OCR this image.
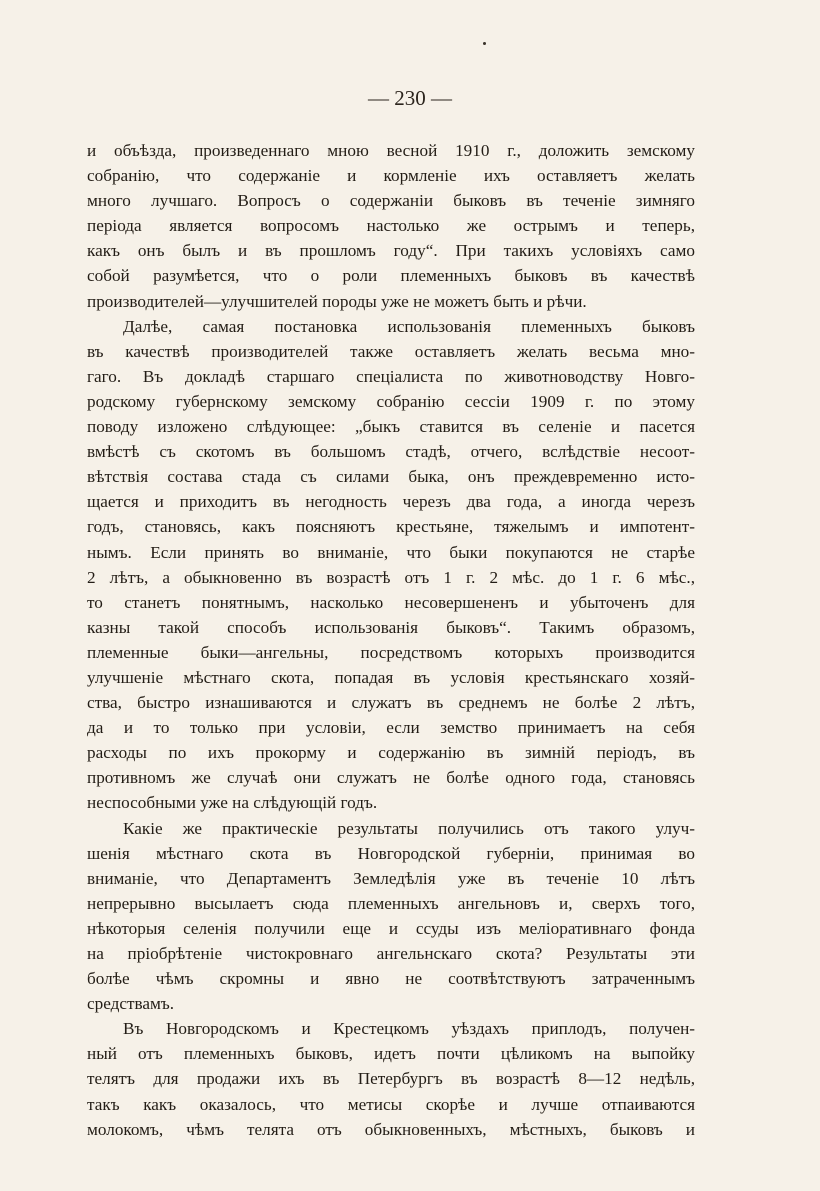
— 230 —

и объѣзда, произведеннаго мною весной 1910 г., доложить земскому
собранію, что содержаніе и кормленіе ихъ оставляетъ желать
много лучшаго. Вопросъ о содержаніи быковъ въ теченіе зимняго
періода является вопросомъ настолько же острымъ и теперь,
какъ онъ былъ и въ прошломъ году“. При такихъ условіяхъ само
собой разумѣется, что о роли племенныхъ быковъ въ качествѣ
производителей—улучшителей породы уже не можетъ быть и рѣчи.

Далѣе, самая постановка использованія племенныхъ быковъ
въ качествѣ производителей также оставляетъ желать весьма мно-
гаго. Въ докладѣ старшаго спеціалиста по животноводству Новго-
родскому губернскому земскому собранію сессіи 1909 г. по этому
поводу изложено слѣдующее: „быкъ ставится въ селеніе и пасется
вмѣстѣ съ скотомъ въ большомъ стадѣ, отчего, вслѣдствіе несоот-
вѣтствія состава стада съ силами быка, онъ преждевременно исто-
щается и приходитъ въ негодность черезъ два года, а иногда черезъ
годъ, становясь, какъ поясняютъ крестьяне, тяжелымъ и импотент-
нымъ. Если принять во вниманіе, что быки покупаются не старѣе
2 лѣтъ, а обыкновенно въ возрастѣ отъ 1 г. 2 мѣс. до 1 г. 6 мѣс.,
то станетъ понятнымъ, насколько несовершененъ и убыточенъ для
казны такой способъ использованія быковъ“. Такимъ образомъ,
племенные быки—ангельны, посредствомъ которыхъ производится
улучшеніе мѣстнаго скота, попадая въ условія крестьянскаго хозяй-
ства, быстро изнашиваются и служатъ въ среднемъ не болѣе 2 лѣтъ,
да и то только при условіи, если земство принимаетъ на себя
расходы по ихъ прокорму и содержанію въ зимній періодъ, въ
противномъ же случаѣ они служатъ не болѣе одного года, становясь
неспособными уже на слѣдующій годъ.

Какіе же практическіе результаты получились отъ такого улуч-
шенія мѣстнаго скота въ Новгородской губерніи, принимая во
вниманіе, что Департаментъ Земледѣлія уже въ теченіе 10 лѣтъ
непрерывно высылаетъ сюда племенныхъ ангельновъ и, сверхъ того,
нѣкоторыя селенія получили еще и ссуды изъ меліоративнаго фонда
на пріобрѣтеніе чистокровнаго ангельнскаго скота? Результаты эти
болѣе чѣмъ скромны и явно не соотвѣтствуютъ затраченнымъ
средствамъ.

Въ Новгородскомъ и Крестецкомъ уѣздахъ приплодъ, получен-
ный отъ племенныхъ быковъ, идетъ почти цѣликомъ на выпойку
телятъ для продажи ихъ въ Петербургъ въ возрастѣ 8—12 недѣль,
такъ какъ оказалось, что метисы скорѣе и лучше отпаиваются
молокомъ, чѣмъ телята отъ обыкновенныхъ, мѣстныхъ, быковъ и
